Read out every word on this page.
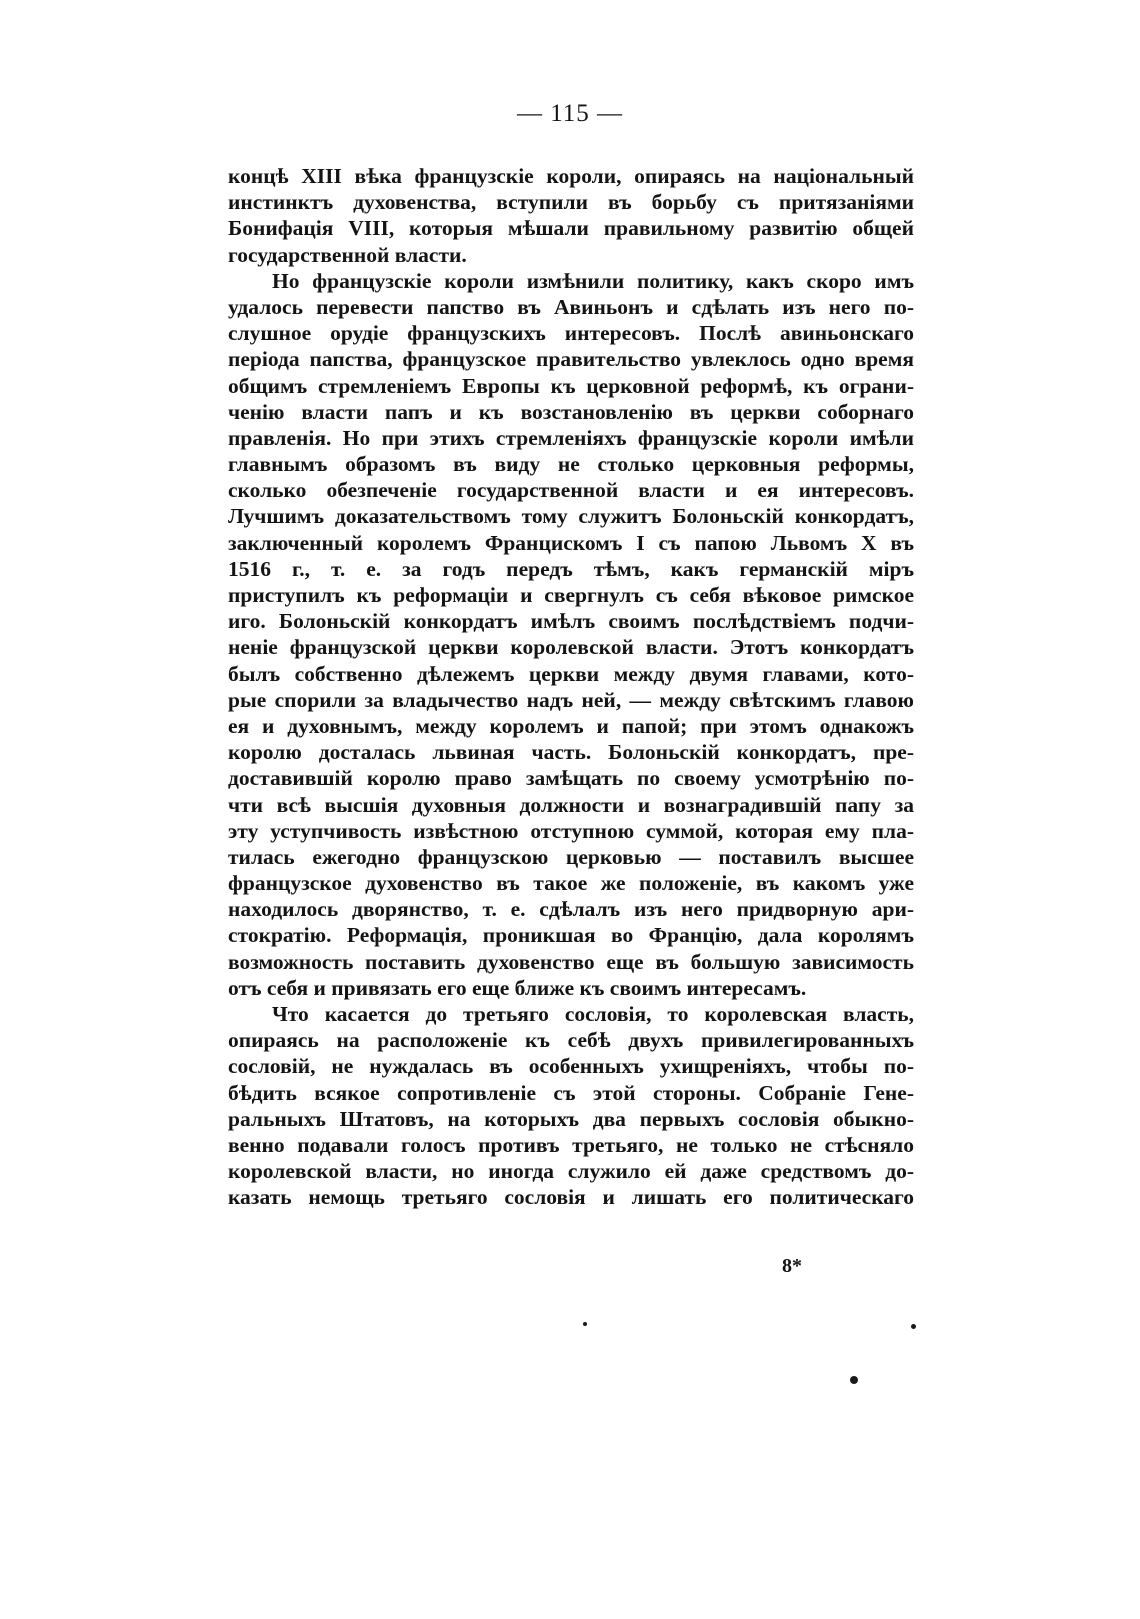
— 115 —
концѣ XIII вѣка французскіе короли, опираясь на національный
инстинктъ духовенства, вступили въ борьбу съ притязаніями
Бонифація VIII, которыя мѣшали правильному развитію общей
государственной власти.
Но французскіе короли измѣнили политику, какъ скоро имъ
удалось перевести папство въ Авиньонъ и сдѣлать изъ него по-
слушное орудіе французскихъ интересовъ. Послѣ авиньонскаго
періода папства, французское правительство увлеклось одно время
общимъ стремленіемъ Европы къ церковной реформѣ, къ ограни-
ченію власти папъ и къ возстановленію въ церкви соборнаго
правленія. Но при этихъ стремленіяхъ французскіе короли имѣли
главнымъ образомъ въ виду не столько церковныя реформы,
сколько обезпеченіе государственной власти и ея интересовъ.
Лучшимъ доказательствомъ тому служитъ Болоньскій конкордатъ,
заключенный королемъ Францискомъ I съ папою Львомъ X въ
1516 г., т. е. за годъ передъ тѣмъ, какъ германскій міръ
приступилъ къ реформаціи и свергнулъ съ себя вѣковое римское
иго. Болоньскій конкордатъ имѣлъ своимъ послѣдствіемъ подчи-
неніе французской церкви королевской власти. Этотъ конкордатъ
былъ собственно дѣлежемъ церкви между двумя главами, кото-
рые спорили за владычество надъ ней, — между свѣтскимъ главою
ея и духовнымъ, между королемъ и папой; при этомъ однакожъ
королю досталась львиная часть. Болоньскій конкордатъ, пре-
доставившій королю право замѣщать по своему усмотрѣнію по-
чти всѣ высшія духовныя должности и вознаградившій папу за
эту уступчивость извѣстною отступною суммой, которая ему пла-
тилась ежегодно французскою церковью — поставилъ высшее
французское духовенство въ такое же положеніе, въ какомъ уже
находилось дворянство, т. е. сдѣлалъ изъ него придворную ари-
стократію. Реформація, проникшая во Францію, дала королямъ
возможность поставить духовенство еще въ большую зависимость
отъ себя и привязать его еще ближе къ своимъ интересамъ.
Что касается до третьяго сословія, то королевская власть,
опираясь на расположеніе къ себѣ двухъ привилегированныхъ
сословій, не нуждалась въ особенныхъ ухищреніяхъ, чтобы по-
бѣдить всякое сопротивленіе съ этой стороны. Собраніе Гене-
ральныхъ Штатовъ, на которыхъ два первыхъ сословія обыкно-
венно подавали голосъ противъ третьяго, не только не стѣсняло
королевской власти, но иногда служило ей даже средствомъ до-
казать немощь третьяго сословія и лишать его политическаго
8*
